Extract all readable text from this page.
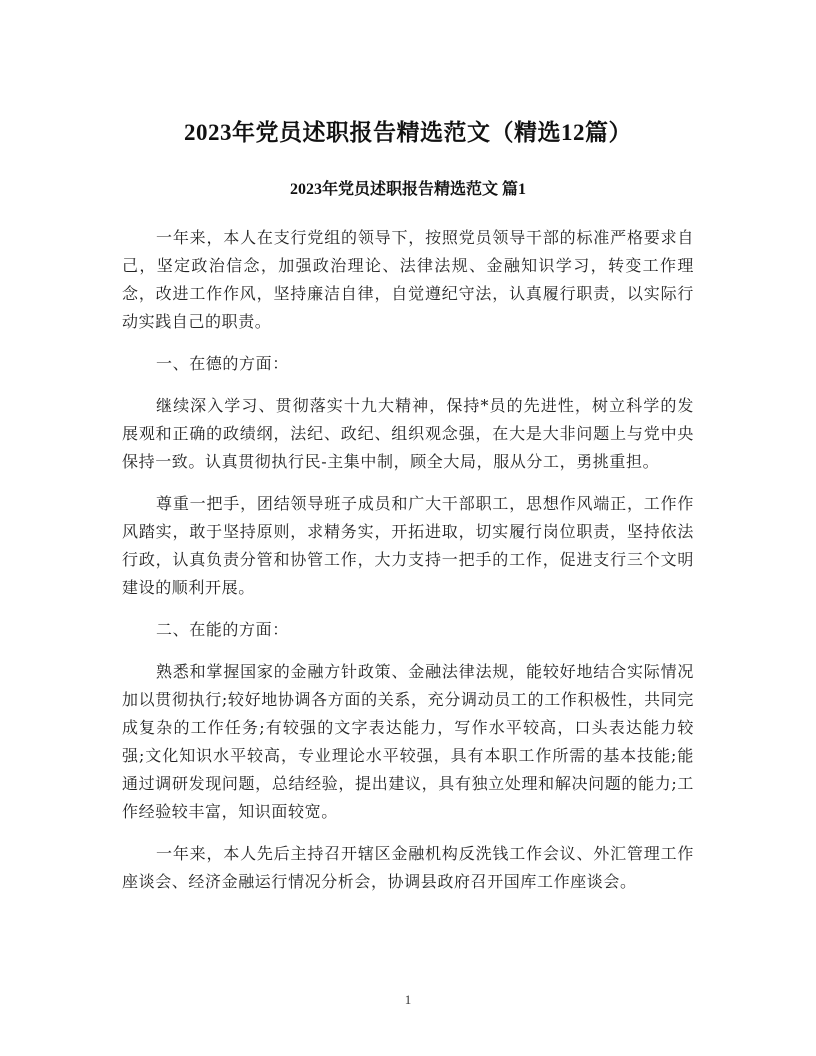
2023年党员述职报告精选范文（精选12篇）
2023年党员述职报告精选范文 篇1

一年来，本人在支行党组的领导下，按照党员领导干部的标准严格要求自己，坚定政治信念，加强政治理论、法律法规、金融知识学习，转变工作理念，改进工作作风，坚持廉洁自律，自觉遵纪守法，认真履行职责，以实际行动实践自己的职责。

一、在德的方面：

继续深入学习、贯彻落实十九大精神，保持*员的先进性，树立科学的发展观和正确的政绩纲，法纪、政纪、组织观念强，在大是大非问题上与党中央保持一致。认真贯彻执行民-主集中制，顾全大局，服从分工，勇挑重担。

尊重一把手，团结领导班子成员和广大干部职工，思想作风端正，工作作风踏实，敢于坚持原则，求精务实，开拓进取，切实履行岗位职责，坚持依法行政，认真负责分管和协管工作，大力支持一把手的工作，促进支行三个文明建设的顺利开展。

二、在能的方面：

熟悉和掌握国家的金融方针政策、金融法律法规，能较好地结合实际情况加以贯彻执行;较好地协调各方面的关系，充分调动员工的工作积极性，共同完成复杂的工作任务;有较强的文字表达能力，写作水平较高，口头表达能力较强;文化知识水平较高，专业理论水平较强，具有本职工作所需的基本技能;能通过调研发现问题，总结经验，提出建议，具有独立处理和解决问题的能力;工作经验较丰富，知识面较宽。

一年来，本人先后主持召开辖区金融机构反洗钱工作会议、外汇管理工作座谈会、经济金融运行情况分析会，协调县政府召开国库工作座谈会。

1
